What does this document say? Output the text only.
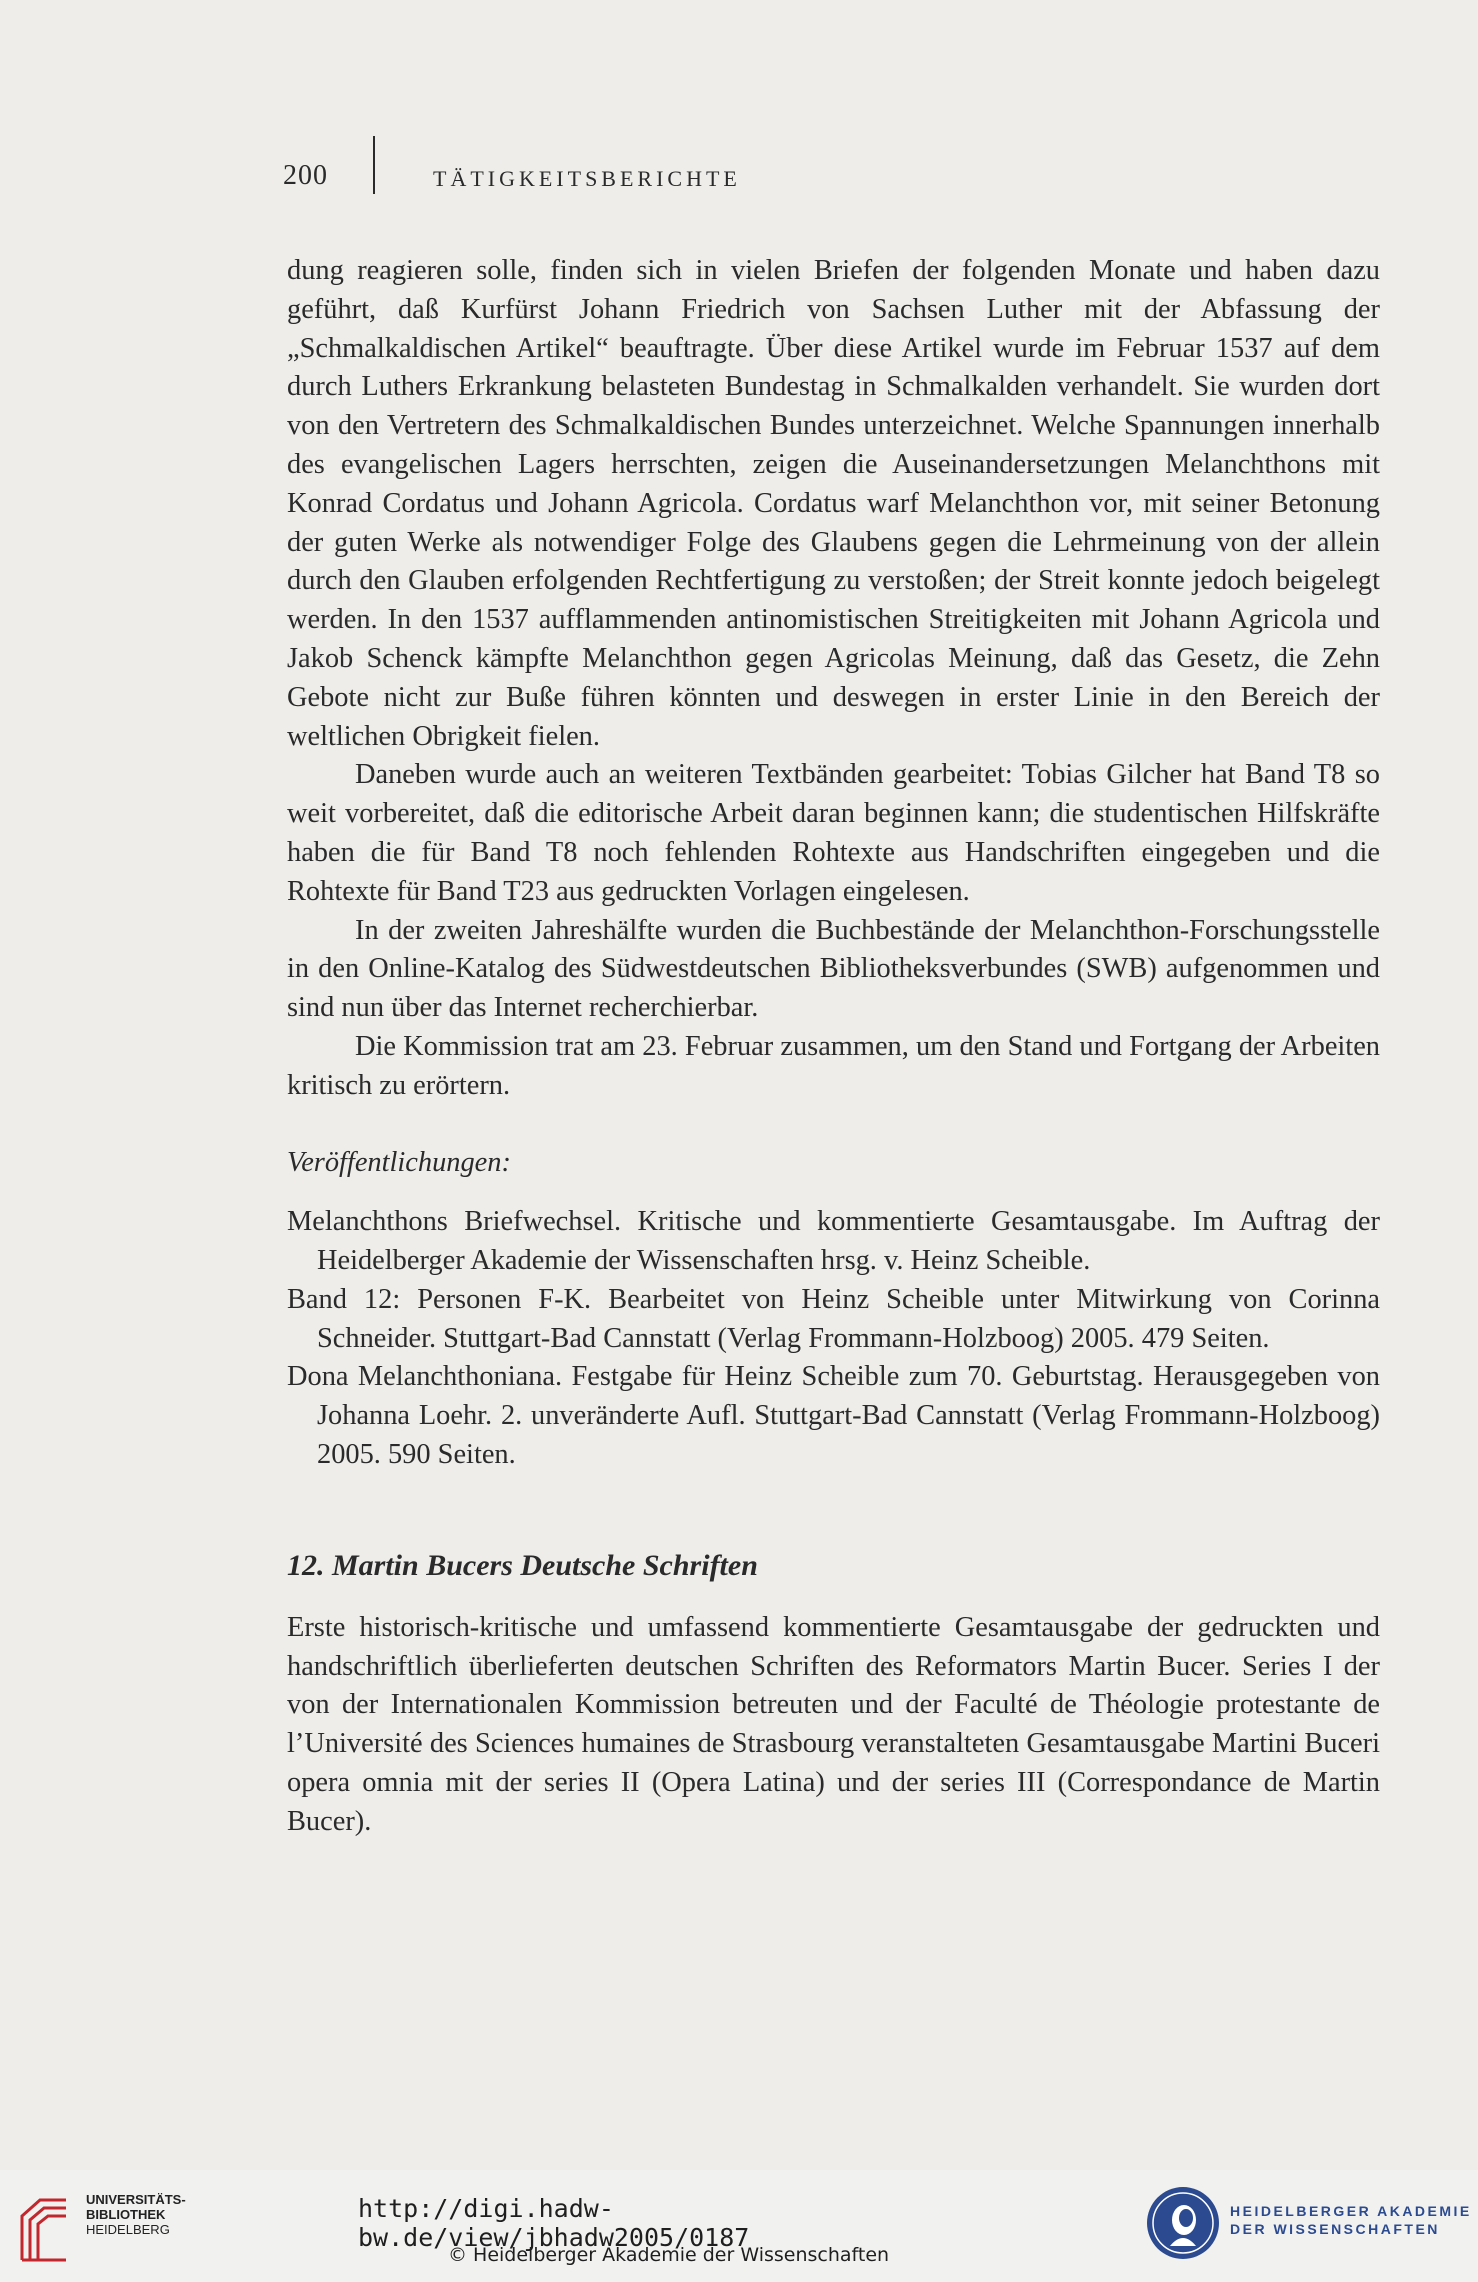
200	TÄTIGKEITSBERICHTE

dung reagieren solle, finden sich in vielen Briefen der folgenden Monate und haben dazu geführt, daß Kurfürst Johann Friedrich von Sachsen Luther mit der Abfassung der „Schmalkaldischen Artikel“ beauftragte. Über diese Artikel wurde im Februar 1537 auf dem durch Luthers Erkrankung belasteten Bundestag in Schmalkalden verhandelt. Sie wurden dort von den Vertretern des Schmalkaldischen Bundes unterzeichnet. Welche Spannungen innerhalb des evangelischen Lagers herrschten, zeigen die Auseinandersetzungen Melanchthons mit Konrad Cordatus und Johann Agricola. Cordatus warf Melanchthon vor, mit seiner Betonung der guten Werke als notwendiger Folge des Glaubens gegen die Lehrmeinung von der allein durch den Glauben erfolgenden Rechtfertigung zu verstoßen; der Streit konnte jedoch beigelegt werden. In den 1537 aufflammenden antinomistischen Streitigkeiten mit Johann Agricola und Jakob Schenck kämpfte Melanchthon gegen Agricolas Meinung, daß das Gesetz, die Zehn Gebote nicht zur Buße führen könnten und deswegen in erster Linie in den Bereich der weltlichen Obrigkeit fielen.

Daneben wurde auch an weiteren Textbänden gearbeitet: Tobias Gilcher hat Band T8 so weit vorbereitet, daß die editorische Arbeit daran beginnen kann; die studentischen Hilfskräfte haben die für Band T8 noch fehlenden Rohtexte aus Handschriften eingegeben und die Rohtexte für Band T23 aus gedruckten Vorlagen eingelesen.

In der zweiten Jahreshälfte wurden die Buchbestände der Melanchthon-Forschungsstelle in den Online-Katalog des Südwestdeutschen Bibliotheksverbundes (SWB) aufgenommen und sind nun über das Internet recherchierbar.

Die Kommission trat am 23. Februar zusammen, um den Stand und Fortgang der Arbeiten kritisch zu erörtern.

Veröffentlichungen:

Melanchthons Briefwechsel. Kritische und kommentierte Gesamtausgabe. Im Auftrag der Heidelberger Akademie der Wissenschaften hrsg. v. Heinz Scheible.

Band 12: Personen F-K. Bearbeitet von Heinz Scheible unter Mitwirkung von Corinna Schneider. Stuttgart-Bad Cannstatt (Verlag Frommann-Holzboog) 2005. 479 Seiten.

Dona Melanchthoniana. Festgabe für Heinz Scheible zum 70. Geburtstag. Herausgegeben von Johanna Loehr. 2. unveränderte Aufl. Stuttgart-Bad Cannstatt (Verlag Frommann-Holzboog) 2005. 590 Seiten.

12. Martin Bucers Deutsche Schriften

Erste historisch-kritische und umfassend kommentierte Gesamtausgabe der gedruckten und handschriftlich überlieferten deutschen Schriften des Reformators Martin Bucer. Series I der von der Internationalen Kommission betreuten und der Faculté de Théologie protestante de l’Université des Sciences humaines de Strasbourg veranstalteten Gesamtausgabe Martini Buceri opera omnia mit der series II (Opera Latina) und der series III (Correspondance de Martin Bucer).

UNIVERSITÄTS-
BIBLIOTHEK
HEIDELBERG
http://digi.hadw-bw.de/view/jbhadw2005/0187
© Heidelberger Akademie der Wissenschaften
HEIDELBERGER AKADEMIE
DER WISSENSCHAFTEN
